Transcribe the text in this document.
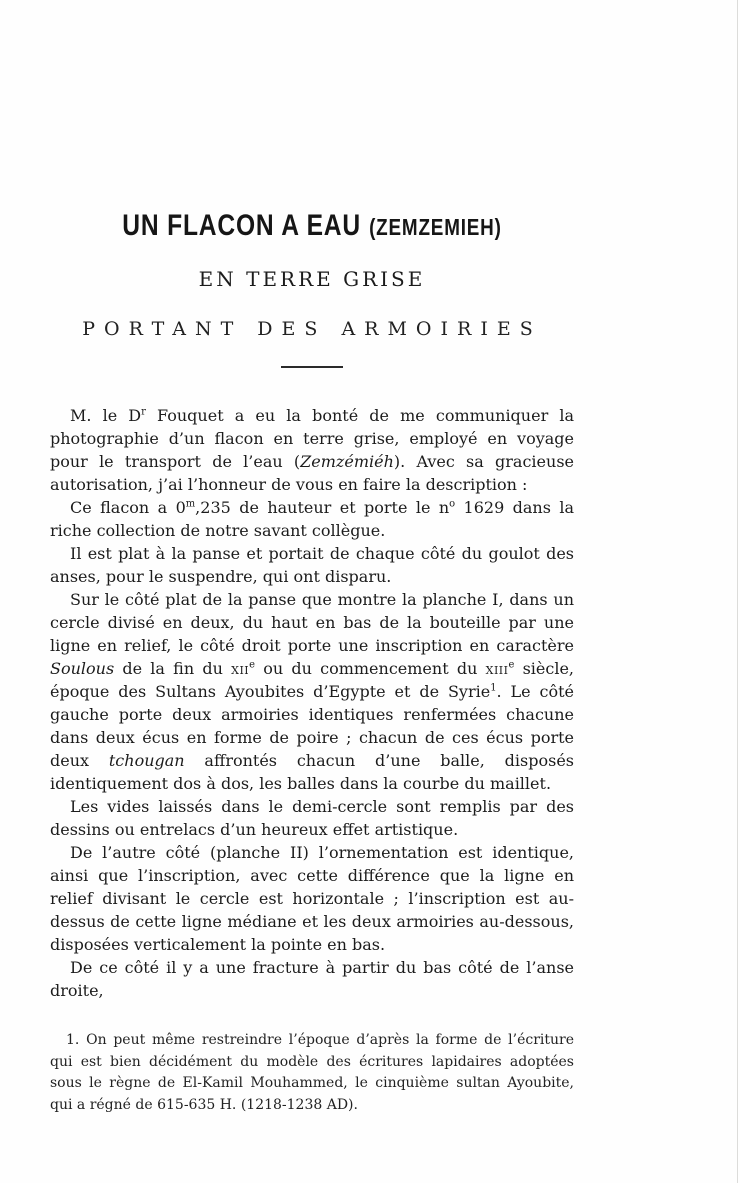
UN FLACON A EAU (ZEMZEMIEH)
EN TERRE GRISE
PORTANT DES ARMOIRIES

M. le $D^r$ Fouquet a eu la bonté de me communiquer la photographie d’un flacon en terre grise, employé en voyage pour le transport de l’eau (Zemzémiéh). Avec sa gracieuse autorisation, j’ai l’honneur de vous en faire la description :

Ce flacon a 0$^m$,235 de hauteur et porte le $n^o$ 1629 dans la riche collection de notre savant collègue.

Il est plat à la panse et portait de chaque côté du goulot des anses, pour le suspendre, qui ont disparu.

Sur le côté plat de la panse que montre la planche I, dans un cercle divisé en deux, du haut en bas de la bouteille par une ligne en relief, le côté droit porte une inscription en caractère Soulous de la fin du xii$^e$ ou du commencement du xiii$^e$ siècle, époque des Sultans Ayoubites d’Egypte et de Syrie$^1$. Le côté gauche porte deux armoiries identiques renfermées chacune dans deux écus en forme de poire ; chacun de ces écus porte deux tchougan affrontés chacun d’une balle, disposés identiquement dos à dos, les balles dans la courbe du maillet.

Les vides laissés dans le demi-cercle sont remplis par des dessins ou entrelacs d’un heureux effet artistique.

De l’autre côté (planche II) l’ornementation est identique, ainsi que l’inscription, avec cette différence que la ligne en relief divisant le cercle est horizontale ; l’inscription est au-dessus de cette ligne médiane et les deux armoiries au-dessous, disposées verticalement la pointe en bas.

De ce côté il y a une fracture à partir du bas côté de l’anse droite,

1. On peut même restreindre l’époque d’après la forme de l’écriture qui est bien décidément du modèle des écritures lapidaires adoptées sous le règne de El-Kamil Mouhammed, le cinquième sultan Ayoubite, qui a régné de 615-635 H. (1218-1238 AD).
